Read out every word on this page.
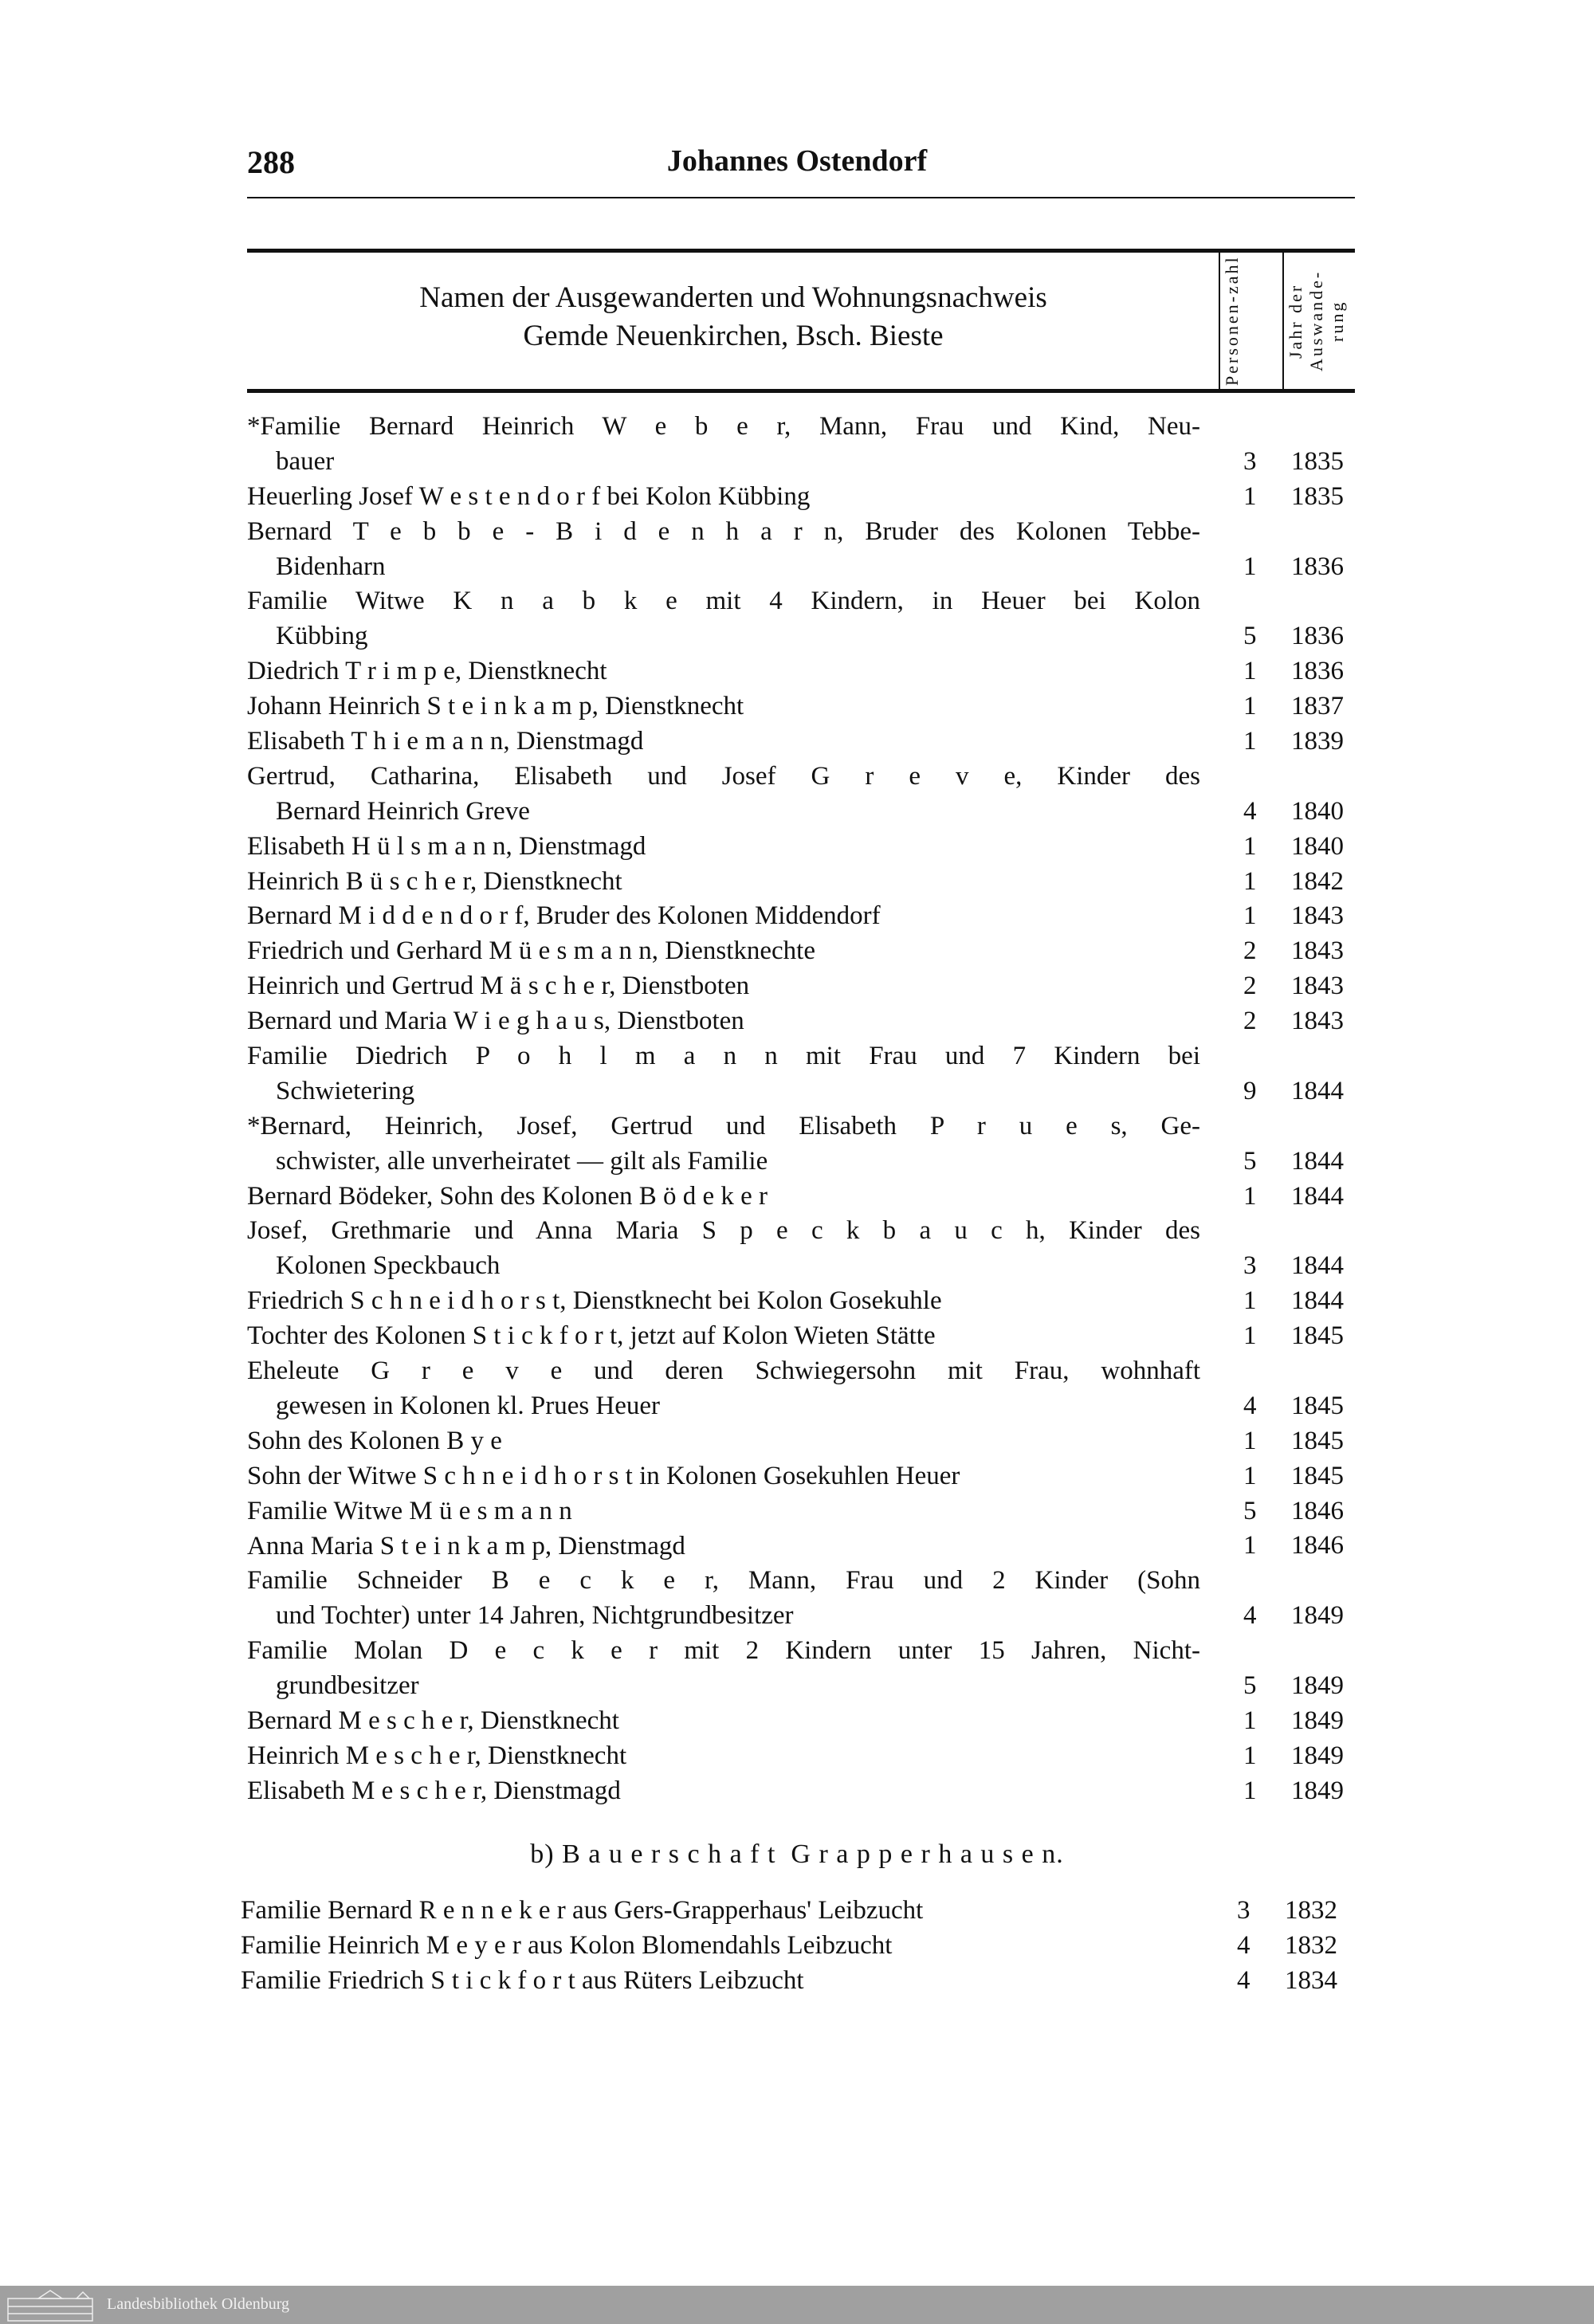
288	Johannes Ostendorf
Namen der Ausgewanderten und Wohnungsnachweis
Gemde Neuenkirchen, Bsch. Bieste	Personen-zahl	Jahr der Auswande-rung
*Familie Bernard Heinrich W e b e r, Mann, Frau und Kind, Neu-
bauer	3 1835
Heuerling Josef W e s t e n d o r f bei Kolon Kübbing	1 1835
Bernard T e b b e - B i d e n h a r n, Bruder des Kolonen Tebbe-
Bidenharn	1 1836
Familie Witwe K n a b k e mit 4 Kindern, in Heuer bei Kolon
Kübbing	5 1836
Diedrich T r i m p e, Dienstknecht	1 1836
Johann Heinrich S t e i n k a m p, Dienstknecht	1 1837
Elisabeth T h i e m a n n, Dienstmagd	1 1839
Gertrud, Catharina, Elisabeth und Josef G r e v e, Kinder des
Bernard Heinrich Greve	4 1840
Elisabeth H ü l s m a n n, Dienstmagd	1 1840
Heinrich B ü s c h e r, Dienstknecht	1 1842
Bernard M i d d e n d o r f, Bruder des Kolonen Middendorf	1 1843
Friedrich und Gerhard M ü e s m a n n, Dienstknechte	2 1843
Heinrich und Gertrud M ä s c h e r, Dienstboten	2 1843
Bernard und Maria W i e g h a u s, Dienstboten	2 1843
Familie Diedrich P o h l m a n n mit Frau und 7 Kindern bei
Schwietering	9 1844
*Bernard, Heinrich, Josef, Gertrud und Elisabeth P r u e s, Ge-
schwister, alle unverheiratet — gilt als Familie	5 1844
Bernard Bödeker, Sohn des Kolonen B ö d e k e r	1 1844
Josef, Grethmarie und Anna Maria S p e c k b a u c h, Kinder des
Kolonen Speckbauch	3 1844
Friedrich S c h n e i d h o r s t, Dienstknecht bei Kolon Gosekuhle	1 1844
Tochter des Kolonen S t i c k f o r t, jetzt auf Kolon Wieten Stätte	1 1845
Eheleute G r e v e und deren Schwiegersohn mit Frau, wohnhaft
gewesen in Kolonen kl. Prues Heuer	4 1845
Sohn des Kolonen B y e	1 1845
Sohn der Witwe S c h n e i d h o r s t in Kolonen Gosekuhlen Heuer	1 1845
Familie Witwe M ü e s m a n n	5 1846
Anna Maria S t e i n k a m p, Dienstmagd	1 1846
Familie Schneider B e c k e r, Mann, Frau und 2 Kinder (Sohn
und Tochter) unter 14 Jahren, Nichtgrundbesitzer	4 1849
Familie Molan D e c k e r mit 2 Kindern unter 15 Jahren, Nicht-
grundbesitzer	5 1849
Bernard M e s c h e r, Dienstknecht	1 1849
Heinrich M e s c h e r, Dienstknecht	1 1849
Elisabeth M e s c h e r, Dienstmagd	1 1849
b) B a u e r s c h a f t  G r a p p e r h a u s e n.
Familie Bernard R e n n e k e r aus Gers-Grapperhaus' Leibzucht	3 1832
Familie Heinrich M e y e r aus Kolon Blomendahls Leibzucht	4 1832
Familie Friedrich S t i c k f o r t aus Rüters Leibzucht	4 1834
Landesbibliothek Oldenburg
